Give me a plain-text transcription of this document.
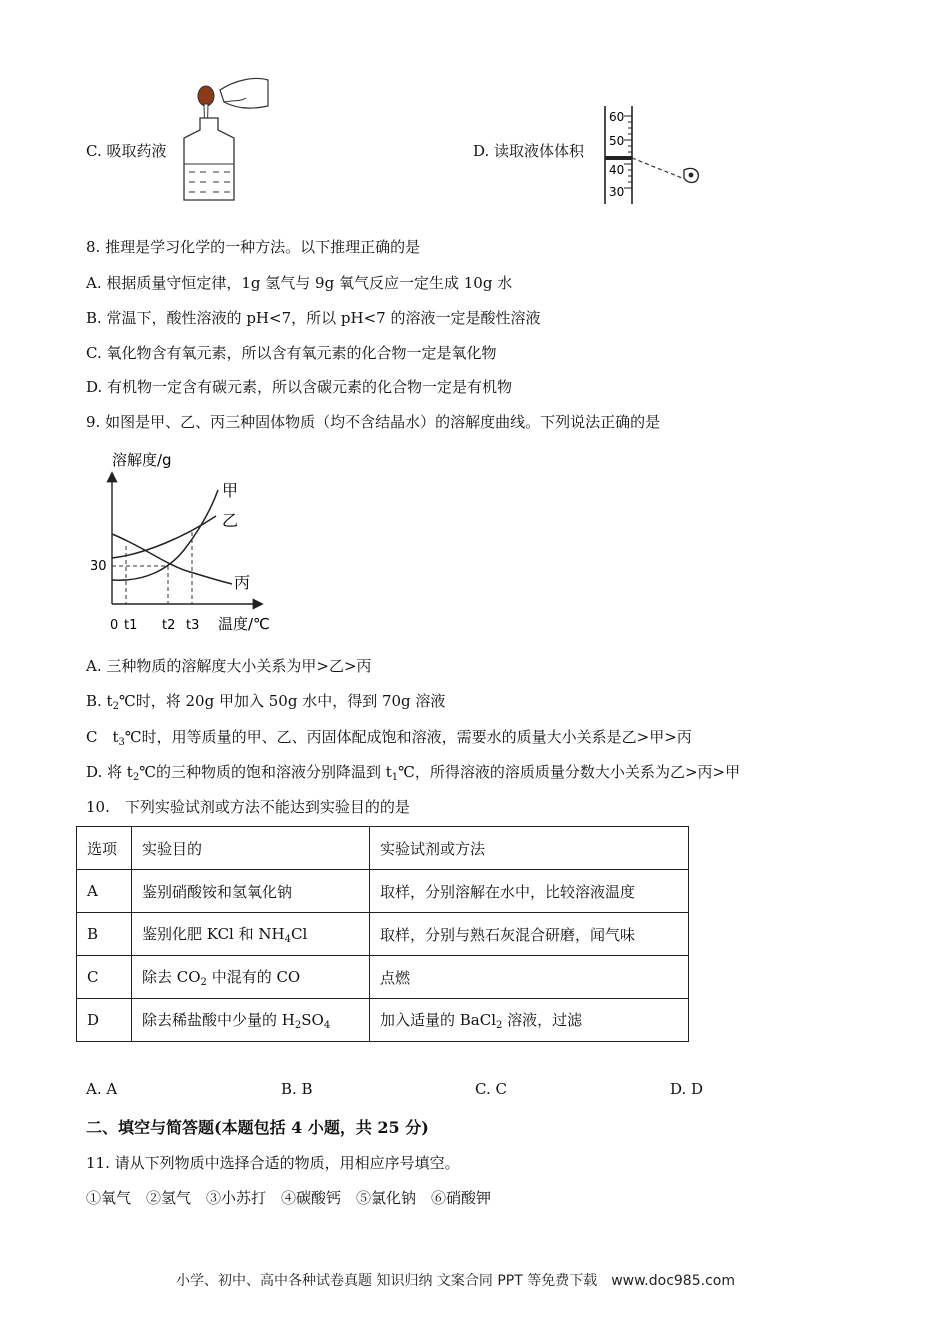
C. 吸取药液	D. 读取液体体积
60
50
40
30
8. 推理是学习化学的一种方法。以下推理正确的是
A. 根据质量守恒定律，1g 氢气与 9g 氧气反应一定生成 10g 水
B. 常温下，酸性溶液的 pH<7，所以 pH<7 的溶液一定是酸性溶液
C. 氧化物含有氧元素，所以含有氧元素的化合物一定是氧化物
D. 有机物一定含有碳元素，所以含碳元素的化合物一定是有机物
9. 如图是甲、乙、丙三种固体物质（均不含结晶水）的溶解度曲线。下列说法正确的是
溶解度/g
温度/℃
30
0 t1 t2 t3
甲
乙
丙
A. 三种物质的溶解度大小关系为甲>乙>丙
B. $t_2℃$时，将 20g 甲加入 50g 水中，得到 70g 溶液
C　$t_3℃$时，用等质量的甲、乙、丙固体配成饱和溶液，需要水的质量大小关系是乙>甲>丙
D. 将 $t_2℃$的三种物质的饱和溶液分别降温到 $t_1℃$，所得溶液的溶质质量分数大小关系为乙>丙>甲
10.　下列实验试剂或方法不能达到实验目的的是
选项	实验目的	实验试剂或方法
A	鉴别硝酸铵和氢氧化钠	取样，分别溶解在水中，比较溶液温度
B	鉴别化肥 KCl 和 $NH_4Cl$	取样，分别与熟石灰混合研磨，闻气味
C	除去 $CO_2$ 中混有的 CO	点燃
D	除去稀盐酸中少量的 $H_2SO_4$	加入适量的 BaCl$_2$ 溶液，过滤
A. A	B. B	C. C	D. D
二、填空与简答题(本题包括 4 小题，共 25 分)
11. 请从下列物质中选择合适的物质，用相应序号填空。
①氧气　②氢气　③小苏打　④碳酸钙　⑤氯化钠　⑥硝酸钾
小学、初中、高中各种试卷真题 知识归纳 文案合同 PPT 等免费下载　www.doc985.com
